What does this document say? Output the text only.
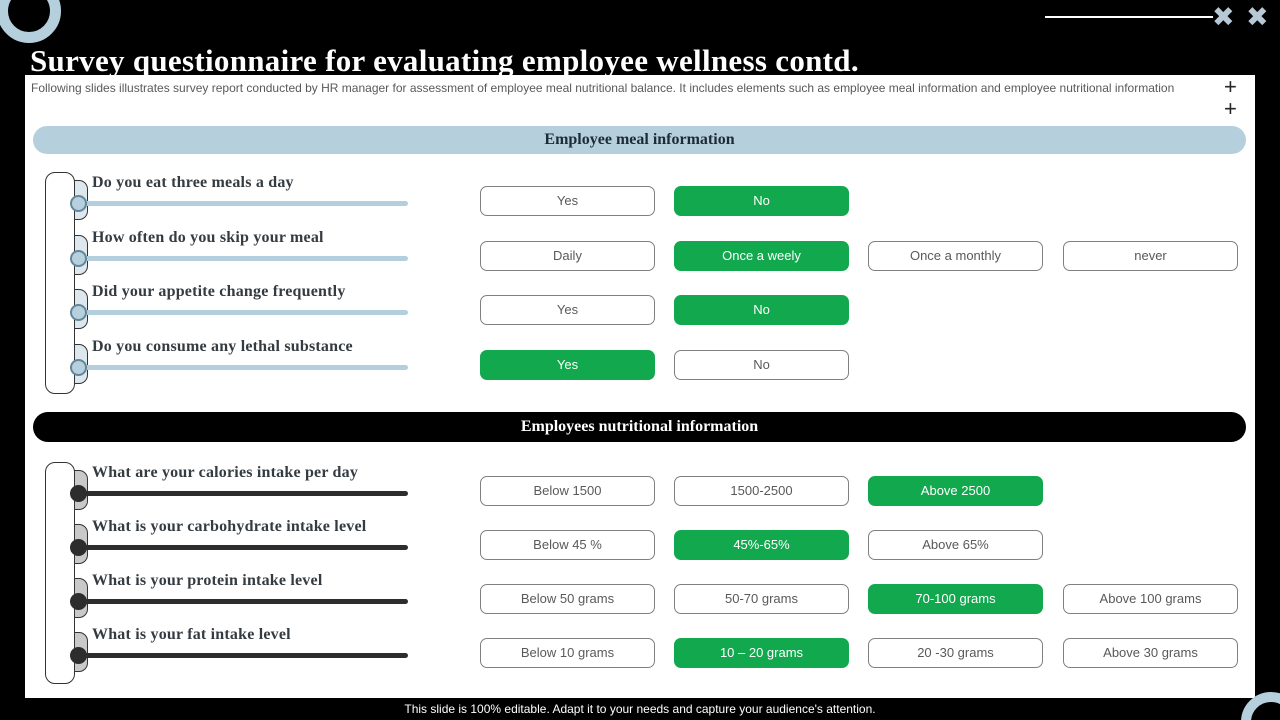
✖ ✖
Survey questionnaire for evaluating employee wellness contd.
Following slides illustrates survey report conducted by HR manager for assessment of employee meal nutritional balance. It includes elements such as employee meal information and employee nutritional information	+
+
Employee meal information
Employees nutritional information
Do you eat three meals a day
Yes	No
How often do you skip your meal
Daily	Once a weely	Once a monthly	never
Did your appetite change frequently
Yes	No
Do you consume any lethal substance
Yes	No
What are your calories intake per day
Below 1500	1500-2500	Above 2500
What is your carbohydrate intake level
Below 45 %	45%-65%	Above 65%
What is your protein intake level
Below 50 grams	50-70 grams	70-100 grams	Above 100 grams
What is your fat intake level
Below 10 grams	10 – 20 grams	20 -30 grams	Above 30 grams
This slide is 100% editable. Adapt it to your needs and capture your audience's attention.
